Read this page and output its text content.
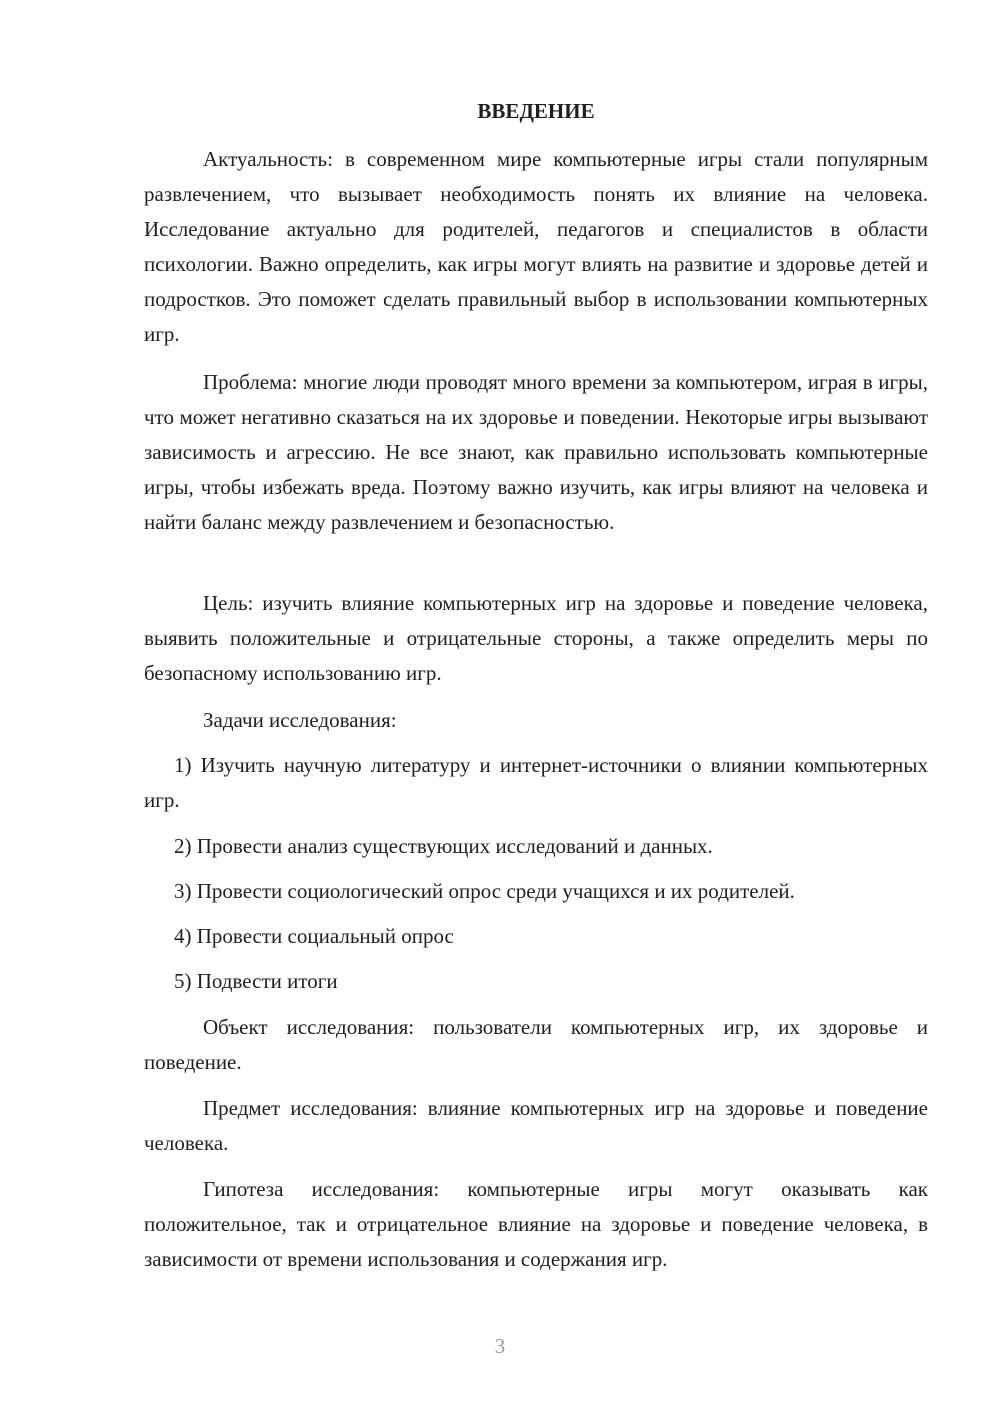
ВВЕДЕНИЕ

Актуальность: в современном мире компьютерные игры стали популярным развлечением, что вызывает необходимость понять их влияние на человека. Исследование актуально для родителей, педагогов и специалистов в области психологии. Важно определить, как игры могут влиять на развитие и здоровье детей и подростков. Это поможет сделать правильный выбор в использовании компьютерных игр.

Проблема: многие люди проводят много времени за компьютером, играя в игры, что может негативно сказаться на их здоровье и поведении. Некоторые игры вызывают зависимость и агрессию. Не все знают, как правильно использовать компьютерные игры, чтобы избежать вреда. Поэтому важно изучить, как игры влияют на человека и найти баланс между развлечением и безопасностью.

Цель: изучить влияние компьютерных игр на здоровье и поведение человека, выявить положительные и отрицательные стороны, а также определить меры по безопасному использованию игр.

Задачи исследования:

1) Изучить научную литературу и интернет-источники о влиянии компьютерных игр.

2) Провести анализ существующих исследований и данных.

3) Провести социологический опрос среди учащихся и их родителей.

4) Провести социальный опрос

5) Подвести итоги

Объект исследования: пользователи компьютерных игр, их здоровье и поведение.

Предмет исследования: влияние компьютерных игр на здоровье и поведение человека.

Гипотеза исследования: компьютерные игры могут оказывать как положительное, так и отрицательное влияние на здоровье и поведение человека, в зависимости от времени использования и содержания игр.

3
